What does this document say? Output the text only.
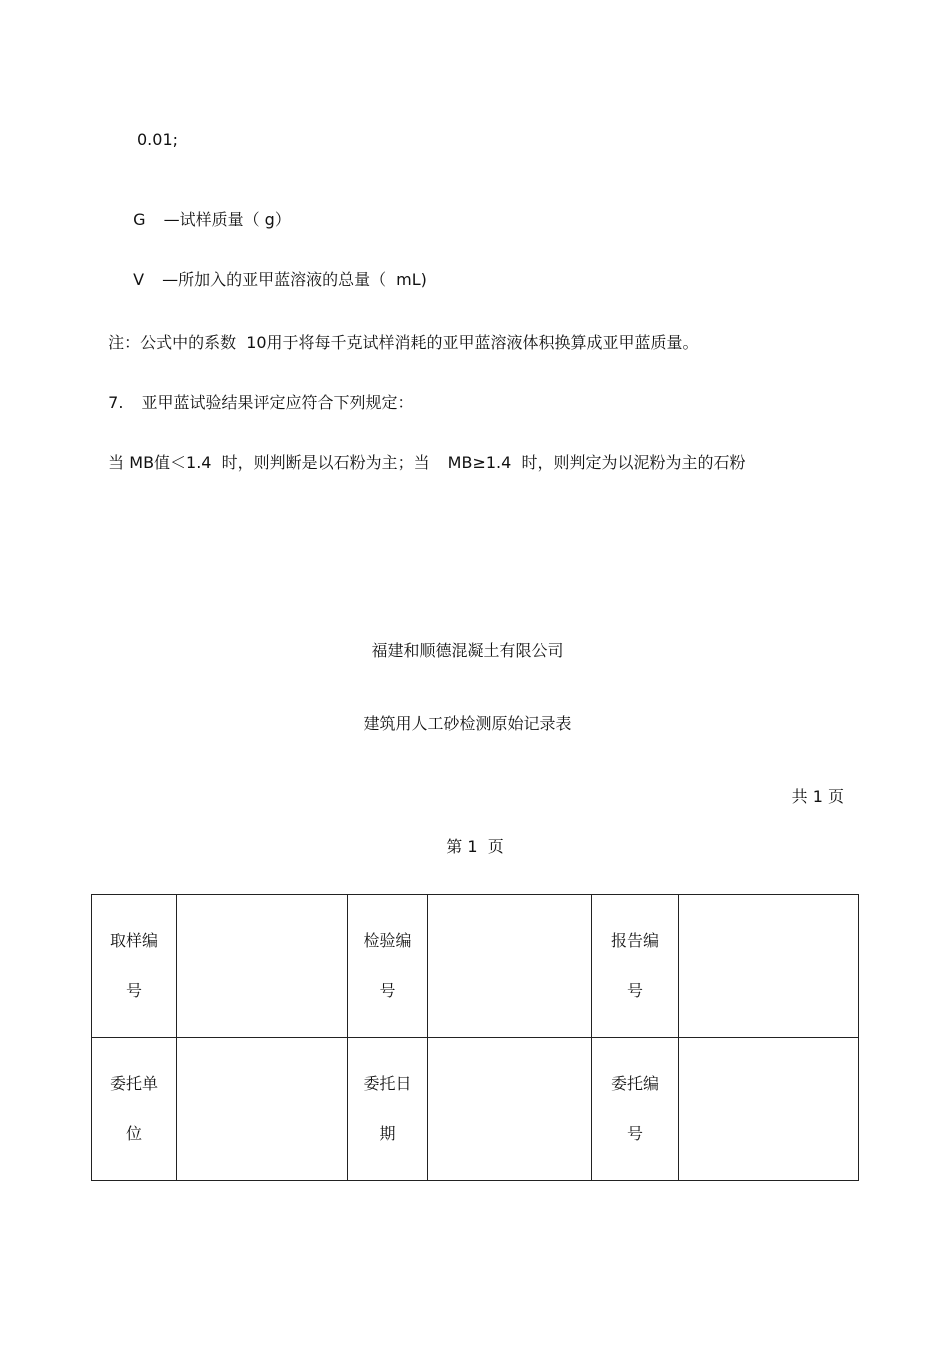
0.01;

G —试样质量（ g）

V —所加入的亚甲蓝溶液的总量（ mL)

注：公式中的系数 10用于将每千克试样消耗的亚甲蓝溶液体积换算成亚甲蓝质量。

7. 亚甲蓝试验结果评定应符合下列规定：

当 MB值＜1.4  时，则判断是以石粉为主；当 MB≥1.4  时，则判定为以泥粉为主的石粉

福建和顺德混凝土有限公司
建筑用人工砂检测原始记录表
共 1 页
第 1  页
取样编
号		检验编
号		报告编
号	

委托单
位		委托日
期		委托编
号	
